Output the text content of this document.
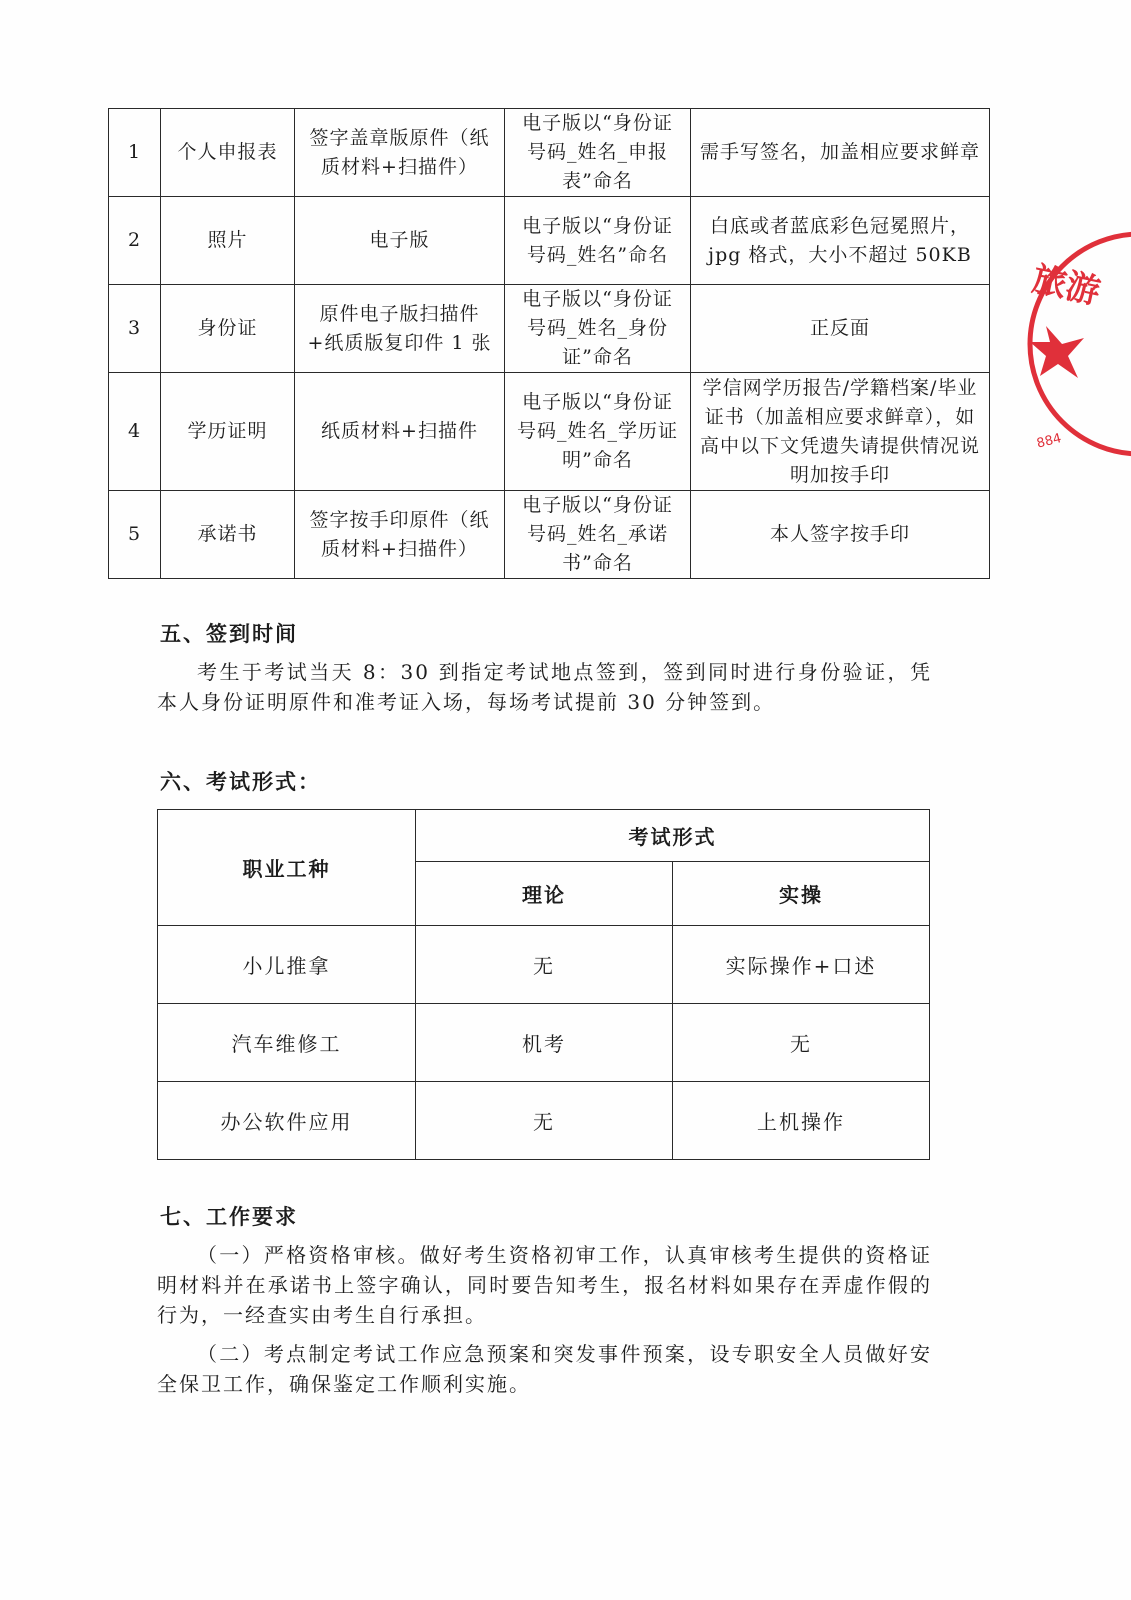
1	个人申报表	签字盖章版原件（纸质材料+扫描件）	电子版以“身份证号码_姓名_申报表”命名	需手写签名，加盖相应要求鲜章
2	照片	电子版	电子版以“身份证号码_姓名”命名	白底或者蓝底彩色冠冕照片，jpg 格式，大小不超过 50KB
3	身份证	原件电子版扫描件+纸质版复印件 1 张	电子版以“身份证号码_姓名_身份证”命名	正反面
4	学历证明	纸质材料+扫描件	电子版以“身份证号码_姓名_学历证明”命名	学信网学历报告/学籍档案/毕业证书（加盖相应要求鲜章），如高中以下文凭遗失请提供情况说明加按手印
5	承诺书	签字按手印原件（纸质材料+扫描件）	电子版以“身份证号码_姓名_承诺书”命名	本人签字按手印
五、签到时间

考生于考试当天 8：30 到指定考试地点签到，签到同时进行身份验证，凭本人身份证明原件和准考证入场，每场考试提前 30 分钟签到。

六、考试形式：
职业工种	考试形式	
	理论	实操
小儿推拿	无	实际操作+口述
汽车维修工	机考	无
办公软件应用	无	上机操作
七、工作要求

（一）严格资格审核。做好考生资格初审工作，认真审核考生提供的资格证明材料并在承诺书上签字确认，同时要告知考生，报名材料如果存在弄虚作假的行为，一经查实由考生自行承担。

（二）考点制定考试工作应急预案和突发事件预案，设专职安全人员做好安全保卫工作，确保鉴定工作顺利实施。

旅游
884
